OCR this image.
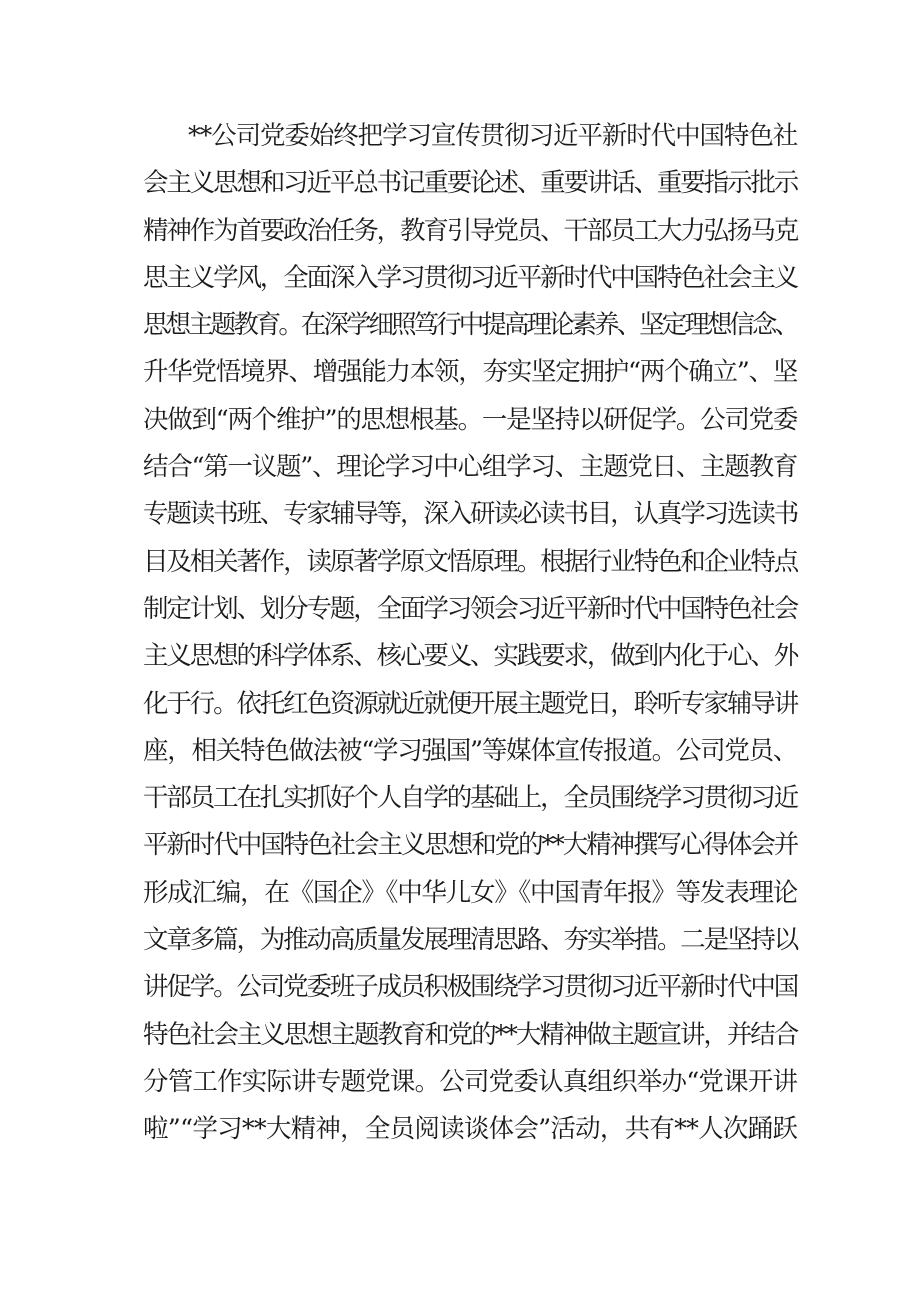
**公司党委始终把学习宣传贯彻习近平新时代中国特色社
会主义思想和习近平总书记重要论述、重要讲话、重要指示批示
精神作为首要政治任务，教育引导党员、干部员工大力弘扬马克
思主义学风，全面深入学习贯彻习近平新时代中国特色社会主义
思想主题教育。在深学细照笃行中提高理论素养、坚定理想信念、
升华党悟境界、增强能力本领，夯实坚定拥护“两个确立”、坚
决做到“两个维护”的思想根基。一是坚持以研促学。公司党委
结合“第一议题”、理论学习中心组学习、主题党日、主题教育
专题读书班、专家辅导等，深入研读必读书目，认真学习选读书
目及相关著作，读原著学原文悟原理。根据行业特色和企业特点
制定计划、划分专题，全面学习领会习近平新时代中国特色社会
主义思想的科学体系、核心要义、实践要求，做到内化于心、外
化于行。依托红色资源就近就便开展主题党日，聆听专家辅导讲
座，相关特色做法被“学习强国”等媒体宣传报道。公司党员、
干部员工在扎实抓好个人自学的基础上，全员围绕学习贯彻习近
平新时代中国特色社会主义思想和党的**大精神撰写心得体会并
形成汇编，在《国企》《中华儿女》《中国青年报》等发表理论
文章多篇，为推动高质量发展理清思路、夯实举措。二是坚持以
讲促学。公司党委班子成员积极围绕学习贯彻习近平新时代中国
特色社会主义思想主题教育和党的**大精神做主题宣讲，并结合
分管工作实际讲专题党课。公司党委认真组织举办“党课开讲
啦”“学习**大精神，全员阅读谈体会”活动，共有**人次踊跃
